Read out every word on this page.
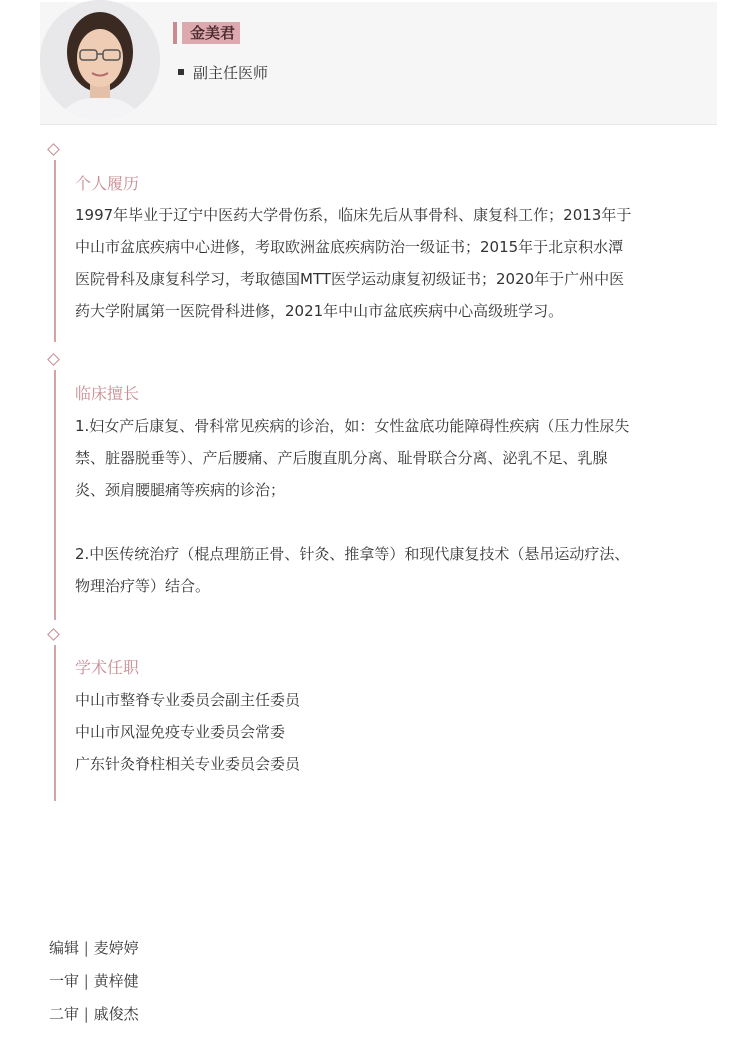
金美君
副主任医师
个人履历
1997年毕业于辽宁中医药大学骨伤系，临床先后从事骨科、康复科工作；2013年于
中山市盆底疾病中心进修，考取欧洲盆底疾病防治一级证书；2015年于北京积水潭
医院骨科及康复科学习，考取德国MTT医学运动康复初级证书；2020年于广州中医
药大学附属第一医院骨科进修，2021年中山市盆底疾病中心高级班学习。
临床擅长
1.妇女产后康复、骨科常见疾病的诊治，如：女性盆底功能障碍性疾病（压力性尿失
禁、脏器脱垂等）、产后腰痛、产后腹直肌分离、耻骨联合分离、泌乳不足、乳腺
炎、颈肩腰腿痛等疾病的诊治；
2.中医传统治疗（棍点理筋正骨、针灸、推拿等）和现代康复技术（悬吊运动疗法、
物理治疗等）结合。
学术任职
中山市整脊专业委员会副主任委员
中山市风湿免疫专业委员会常委
广东针灸脊柱相关专业委员会委员
编辑 | 麦婷婷
一审 | 黄梓健
二审 | 戚俊杰
